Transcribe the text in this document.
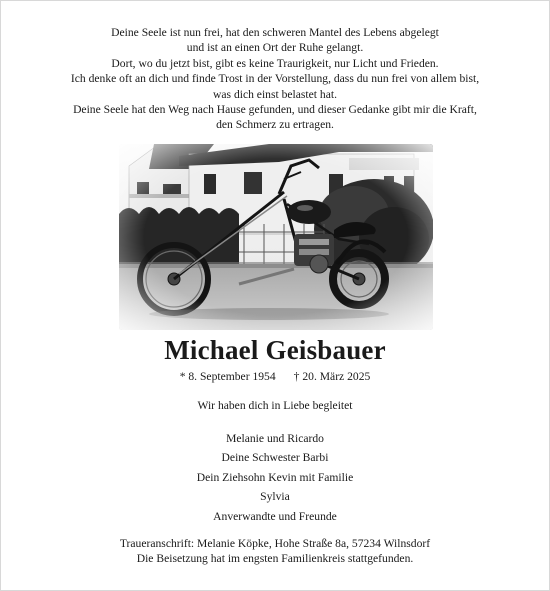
Deine Seele ist nun frei, hat den schweren Mantel des Lebens abgelegt
und ist an einen Ort der Ruhe gelangt.
Dort, wo du jetzt bist, gibt es keine Traurigkeit, nur Licht und Frieden.
Ich denke oft an dich und finde Trost in der Vorstellung, dass du nun frei von allem bist,
was dich einst belastet hat.
Deine Seele hat den Weg nach Hause gefunden, und dieser Gedanke gibt mir die Kraft,
den Schmerz zu ertragen.
Michael Geisbauer
* 8. September 1954 † 20. März 2025
Wir haben dich in Liebe begleitet
Melanie und Ricardo
Deine Schwester Barbi
Dein Ziehsohn Kevin mit Familie
Sylvia
Anverwandte und Freunde
Traueranschrift: Melanie Köpke, Hohe Straße 8a, 57234 Wilnsdorf
Die Beisetzung hat im engsten Familienkreis stattgefunden.
